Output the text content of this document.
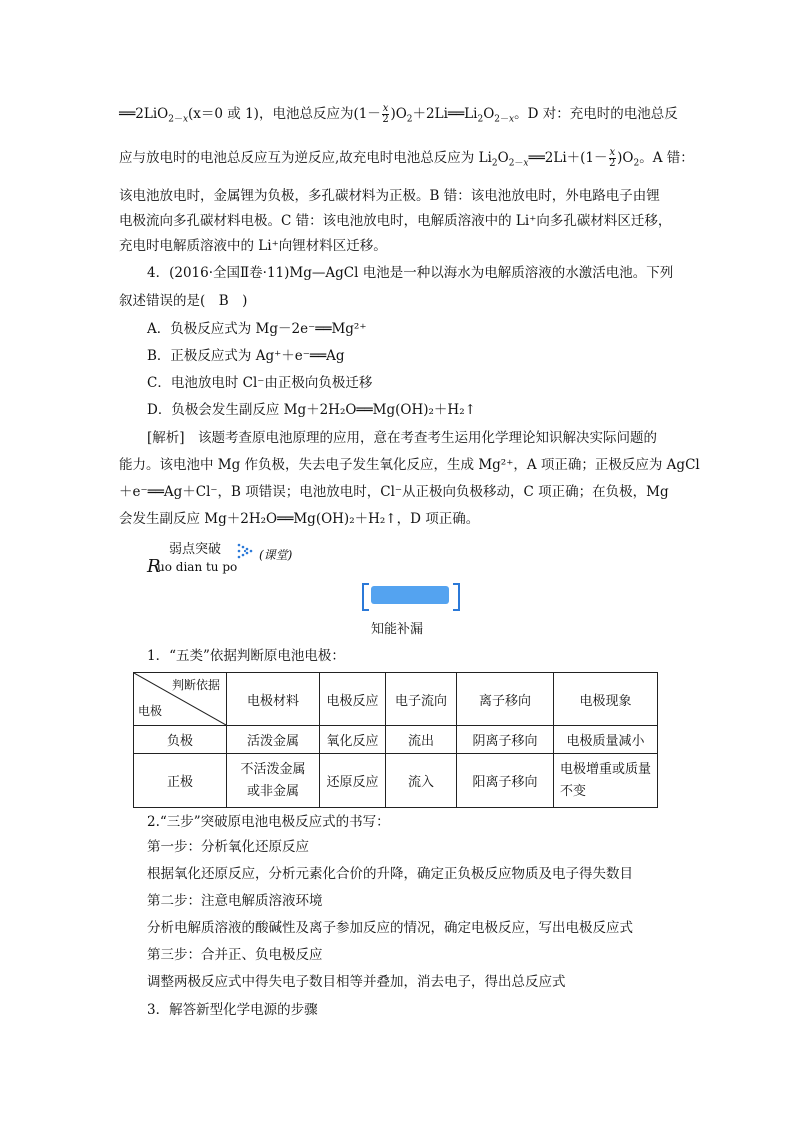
══2LiO$_{2-x}$(x＝0 或 1)，电池总反应为($1- \frac{x}{2}$ )$O_2+2Li══Li_2O_{2-x}$。D 对：充电时的电池总反
应与放电时的电池总反应互为逆反应,故充电时电池总反应为 $Li_2O_{2-x}══2Li+(1- \frac{x}{2} )O_2$。A 错：
该电池放电时，金属锂为负极，多孔碳材料为正极。B 错：该电池放电时，外电路电子由锂
电极流向多孔碳材料电极。C 错：该电池放电时，电解质溶液中的 Li⁺向多孔碳材料区迁移，
充电时电解质溶液中的 Li⁺向锂材料区迁移。
4．(2016·全国Ⅱ卷·11)Mg—AgCl 电池是一种以海水为电解质溶液的水激活电池。下列
叙述错误的是(　B　)
A．负极反应式为 Mg－2e⁻══Mg²⁺
B．正极反应式为 Ag⁺＋e⁻══Ag
C．电池放电时 Cl⁻由正极向负极迁移
D．负极会发生副反应 Mg＋2H₂O══Mg(OH)₂＋H₂↑
[解析]　该题考查原电池原理的应用，意在考查考生运用化学理论知识解决实际问题的
能力。该电池中 Mg 作负极，失去电子发生氧化反应，生成 Mg²⁺，A 项正确；正极反应为 AgCl
＋e⁻══Ag＋Cl⁻，B 项错误；电池放电时，Cl⁻从正极向负极移动，C 项正确；在负极，Mg
会发生副反应 Mg＋2H₂O══Mg(OH)₂＋H₂↑，D 项正确。
R
弱点突破
uo dian tu po
(课堂)
知能补漏
1．“五类”依据判断原电池电极：
判断依据
电极	电极材料	电极反应	电子流向	离子移向	电极现象
负极	活泼金属	氧化反应	流出	阴离子移向	电极质量减小
正极	不活泼金属或非金属	还原反应	流入	阳离子移向	电极增重或质量不变
2.“三步”突破原电池电极反应式的书写：
第一步：分析氧化还原反应
根据氧化还原反应，分析元素化合价的升降，确定正负极反应物质及电子得失数目
第二步：注意电解质溶液环境
分析电解质溶液的酸碱性及离子参加反应的情况，确定电极反应，写出电极反应式
第三步：合并正、负电极反应
调整两极反应式中得失电子数目相等并叠加，消去电子，得出总反应式
3．解答新型化学电源的步骤
